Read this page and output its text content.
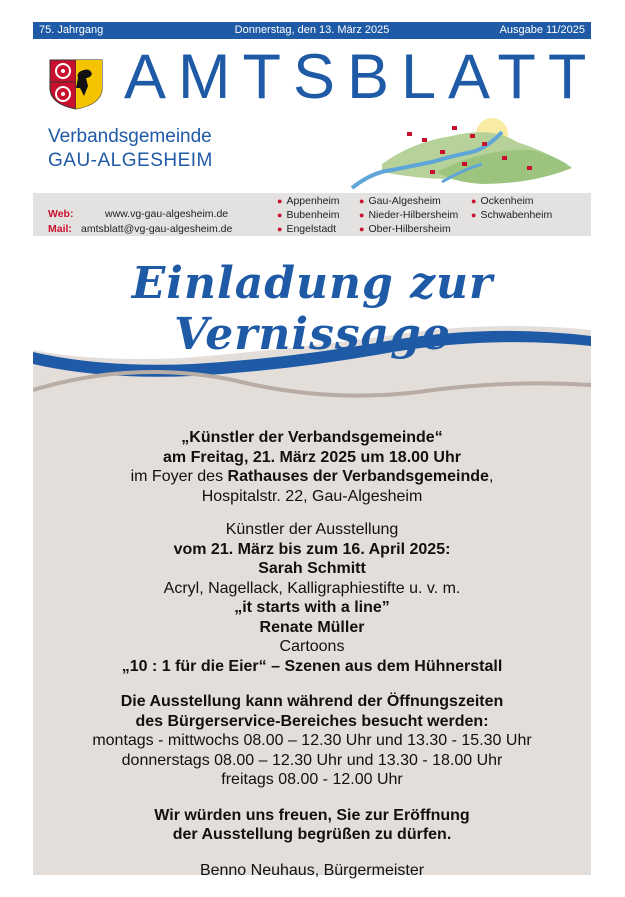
75. Jahrgang	Donnerstag, den 13. März 2025	Ausgabe 11/2025
AMTSBLATT
Verbandsgemeinde
GAU-ALGESHEIM
Web:	www.vg-gau-algesheim.de
Mail: amtsblatt@vg-gau-algesheim.de
● Appenheim
● Bubenheim
● Engelstadt
● Gau-Algesheim
● Nieder-Hilbersheim
● Ober-Hilbersheim
● Ockenheim
● Schwabenheim
Einladung zur Vernissage

„Künstler der Verbandsgemeinde“

am Freitag, 21. März 2025 um 18.00 Uhr

im Foyer des Rathauses der Verbandsgemeinde,

Hospitalstr. 22, Gau-Algesheim

Künstler der Ausstellung

vom 21. März bis zum 16. April 2025:

Sarah Schmitt

Acryl, Nagellack, Kalligraphiestifte u. v. m.

„it starts with a line”

Renate Müller

Cartoons

„10 : 1 für die Eier“ – Szenen aus dem Hühnerstall

Die Ausstellung kann während der Öffnungszeiten

des Bürgerservice-Bereiches besucht werden:

montags - mittwochs 08.00 – 12.30 Uhr und 13.30 - 15.30 Uhr

donnerstags 08.00 – 12.30 Uhr und 13.30 - 18.00 Uhr

freitags 08.00 - 12.00 Uhr

Wir würden uns freuen, Sie zur Eröffnung

der Ausstellung begrüßen zu dürfen.

Benno Neuhaus, Bürgermeister
